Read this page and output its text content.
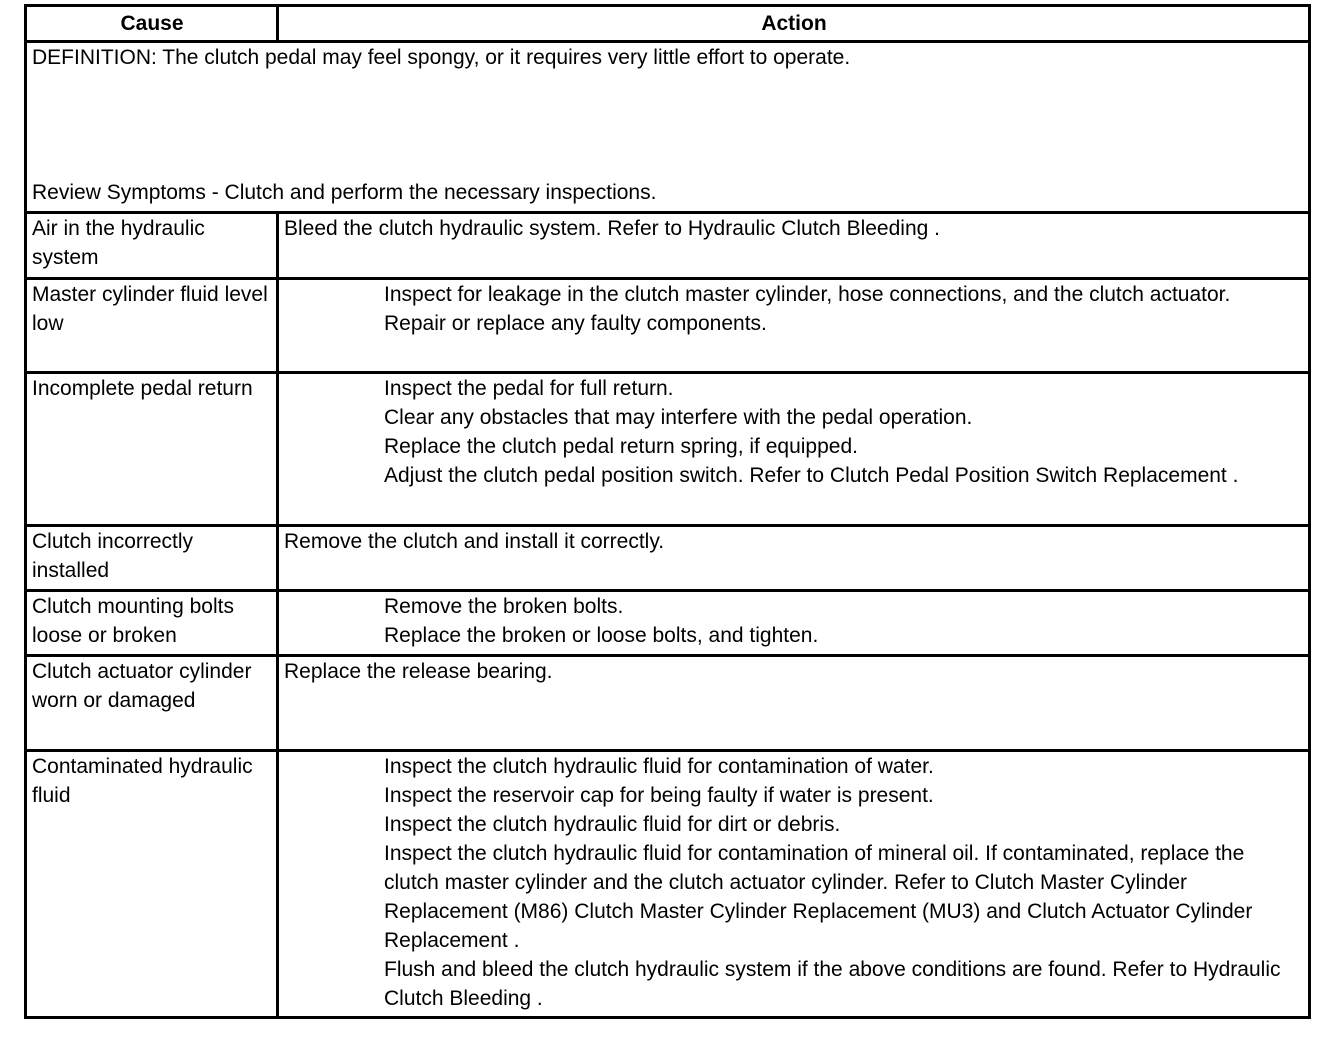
Cause	Action

DEFINITION: The clutch pedal may feel spongy, or it requires very little effort to operate.

Review Symptoms - Clutch and perform the necessary inspections.	

Air in the hydraulic system	Bleed the clutch hydraulic system. Refer to Hydraulic Clutch Bleeding .
Master cylinder fluid level low	Inspect for leakage in the clutch master cylinder, hose connections, and the clutch actuator.
Repair or replace any faulty components.

Incomplete pedal return	Inspect the pedal for full return.
Clear any obstacles that may interfere with the pedal operation.
Replace the clutch pedal return spring, if equipped.
Adjust the clutch pedal position switch. Refer to Clutch Pedal Position Switch Replacement .

Clutch incorrectly installed	Remove the clutch and install it correctly.
Clutch mounting bolts loose or broken	Remove the broken bolts.
Replace the broken or loose bolts, and tighten.

Clutch actuator cylinder worn or damaged	Replace the release bearing.
Contaminated hydraulic fluid	Inspect the clutch hydraulic fluid for contamination of water.
Inspect the reservoir cap for being faulty if water is present.
Inspect the clutch hydraulic fluid for dirt or debris.
Inspect the clutch hydraulic fluid for contamination of mineral oil. If contaminated, replace the clutch master cylinder and the clutch actuator cylinder. Refer to Clutch Master Cylinder Replacement (M86) Clutch Master Cylinder Replacement (MU3) and Clutch Actuator Cylinder Replacement .
Flush and bleed the clutch hydraulic system if the above conditions are found. Refer to Hydraulic Clutch Bleeding .
